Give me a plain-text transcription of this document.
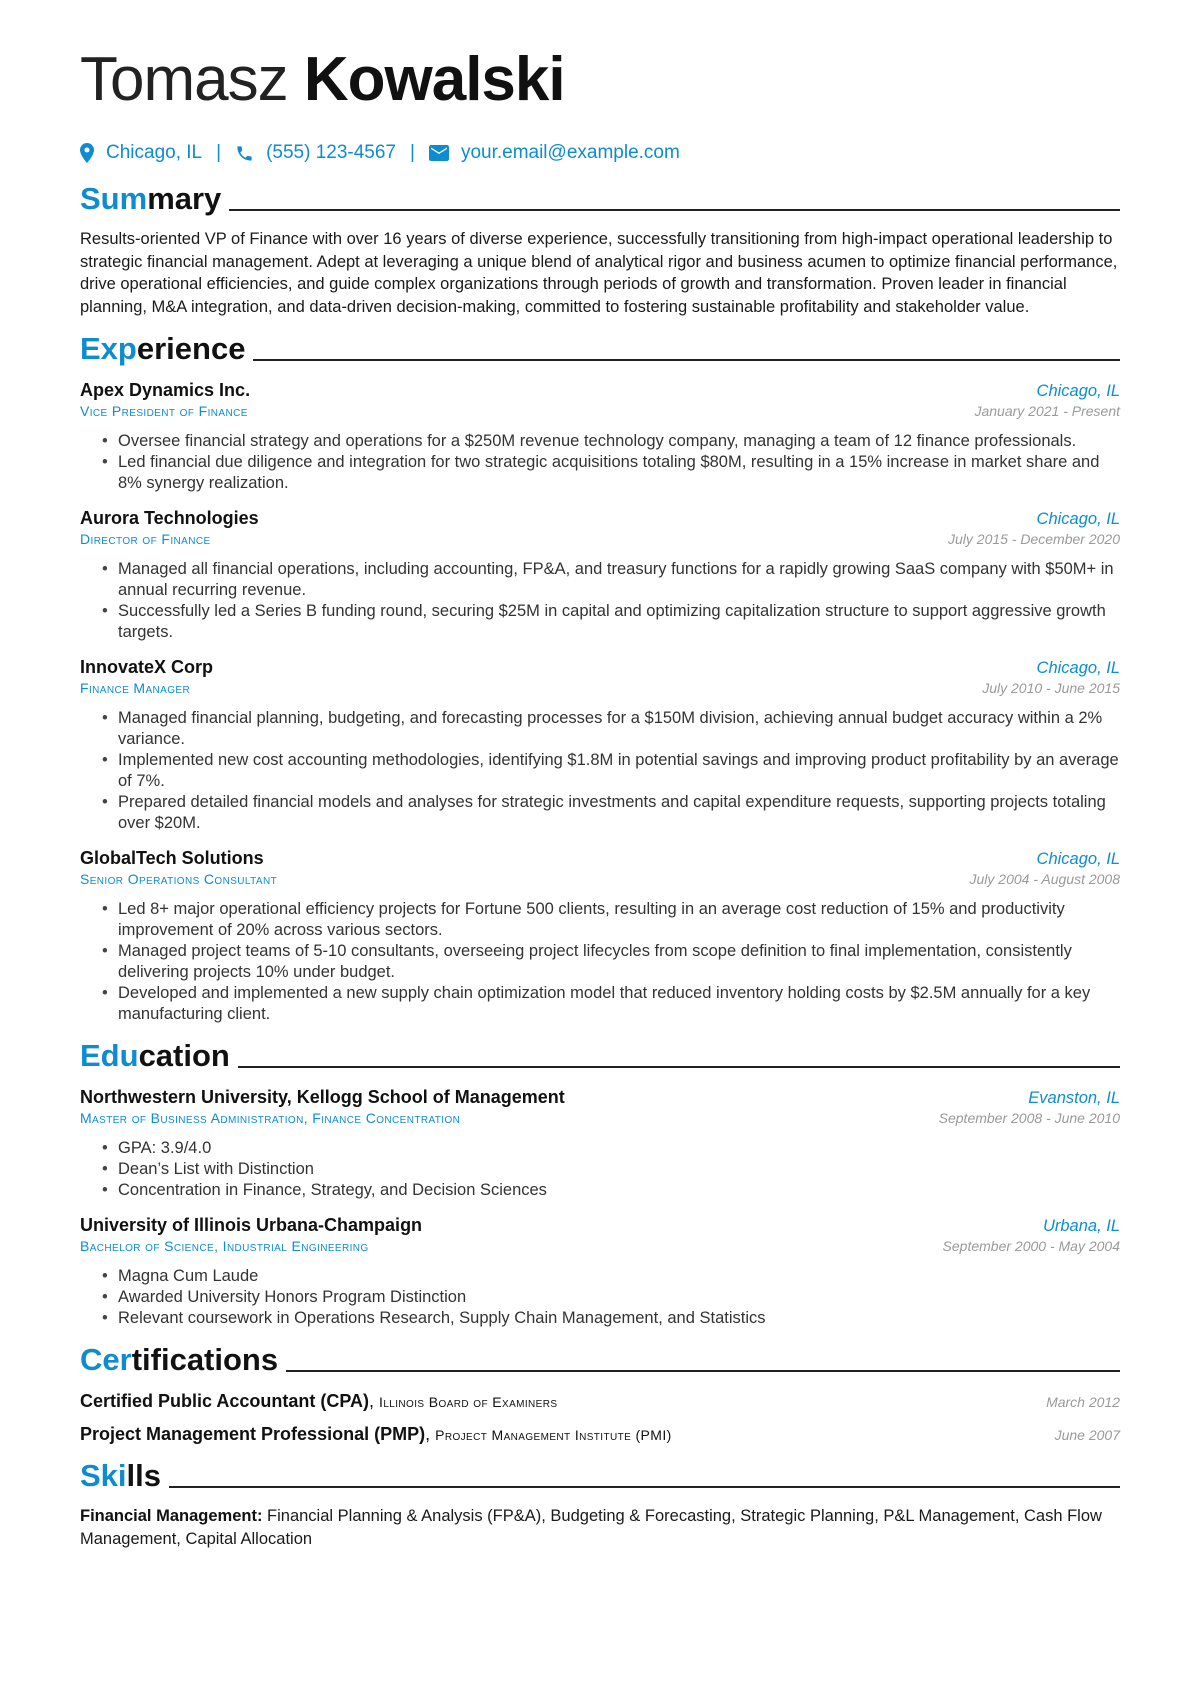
Tomasz Kowalski
Chicago, IL | (555) 123-4567 | your.email@example.com
Summary
Results-oriented VP of Finance with over 16 years of diverse experience, successfully transitioning from high-impact operational leadership to strategic financial management. Adept at leveraging a unique blend of analytical rigor and business acumen to optimize financial performance, drive operational efficiencies, and guide complex organizations through periods of growth and transformation. Proven leader in financial planning, M&A integration, and data-driven decision-making, committed to fostering sustainable profitability and stakeholder value.
Experience
Apex Dynamics Inc.	Chicago, IL
Vice President of Finance	January 2021 - Present
• Oversee financial strategy and operations for a $250M revenue technology company, managing a team of 12 finance professionals.
• Led financial due diligence and integration for two strategic acquisitions totaling $80M, resulting in a 15% increase in market share and 8% synergy realization.
Aurora Technologies	Chicago, IL
Director of Finance	July 2015 - December 2020
• Managed all financial operations, including accounting, FP&A, and treasury functions for a rapidly growing SaaS company with $50M+ in annual recurring revenue.
• Successfully led a Series B funding round, securing $25M in capital and optimizing capitalization structure to support aggressive growth targets.
InnovateX Corp	Chicago, IL
Finance Manager	July 2010 - June 2015
• Managed financial planning, budgeting, and forecasting processes for a $150M division, achieving annual budget accuracy within a 2% variance.
• Implemented new cost accounting methodologies, identifying $1.8M in potential savings and improving product profitability by an average of 7%.
• Prepared detailed financial models and analyses for strategic investments and capital expenditure requests, supporting projects totaling over $20M.
GlobalTech Solutions	Chicago, IL
Senior Operations Consultant	July 2004 - August 2008
• Led 8+ major operational efficiency projects for Fortune 500 clients, resulting in an average cost reduction of 15% and productivity improvement of 20% across various sectors.
• Managed project teams of 5-10 consultants, overseeing project lifecycles from scope definition to final implementation, consistently delivering projects 10% under budget.
• Developed and implemented a new supply chain optimization model that reduced inventory holding costs by $2.5M annually for a key manufacturing client.
Education
Northwestern University, Kellogg School of Management	Evanston, IL
Master of Business Administration, Finance Concentration	September 2008 - June 2010
• GPA: 3.9/4.0
• Dean’s List with Distinction
• Concentration in Finance, Strategy, and Decision Sciences
University of Illinois Urbana-Champaign	Urbana, IL
Bachelor of Science, Industrial Engineering	September 2000 - May 2004
• Magna Cum Laude
• Awarded University Honors Program Distinction
• Relevant coursework in Operations Research, Supply Chain Management, and Statistics
Certifications
Certified Public Accountant (CPA), Illinois Board of Examiners	March 2012
Project Management Professional (PMP), Project Management Institute (PMI)	June 2007
Skills
Financial Management: Financial Planning & Analysis (FP&A), Budgeting & Forecasting, Strategic Planning, P&L Management, Cash Flow Management, Capital Allocation
